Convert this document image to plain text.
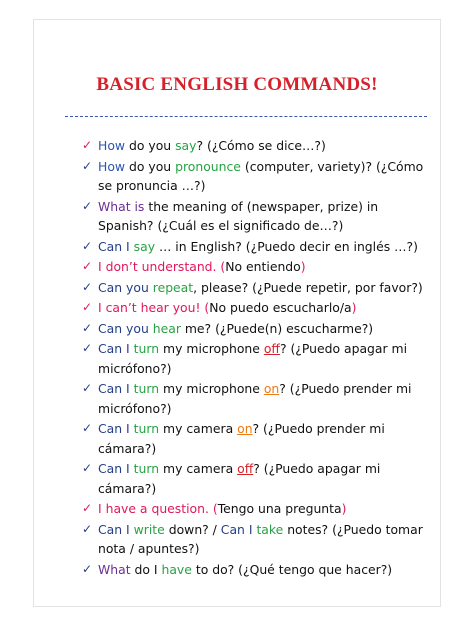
BASIC ENGLISH COMMANDS!
✓ How do you say? (¿Cómo se dice…?)
✓ How do you pronounce (computer, variety)? (¿Cómo se pronuncia …?)
✓ What is the meaning of (newspaper, prize) in Spanish? (¿Cuál es el significado de…?)
✓ Can I say … in English? (¿Puedo decir en inglés …?)
✓ I don’t understand. (No entiendo)
✓ Can you repeat, please? (¿Puede repetir, por favor?)
✓ I can’t hear you! (No puedo escucharlo/a)
✓ Can you hear me? (¿Puede(n) escucharme?)
✓ Can I turn my microphone off? (¿Puedo apagar mi micrófono?)
✓ Can I turn my microphone on? (¿Puedo prender mi micrófono?)
✓ Can I turn my camera on? (¿Puedo prender mi cámara?)
✓ Can I turn my camera off? (¿Puedo apagar mi cámara?)
✓ I have a question. (Tengo una pregunta)
✓ Can I write down? / Can I take notes? (¿Puedo tomar nota / apuntes?)
✓ What do I have to do? (¿Qué tengo que hacer?)
